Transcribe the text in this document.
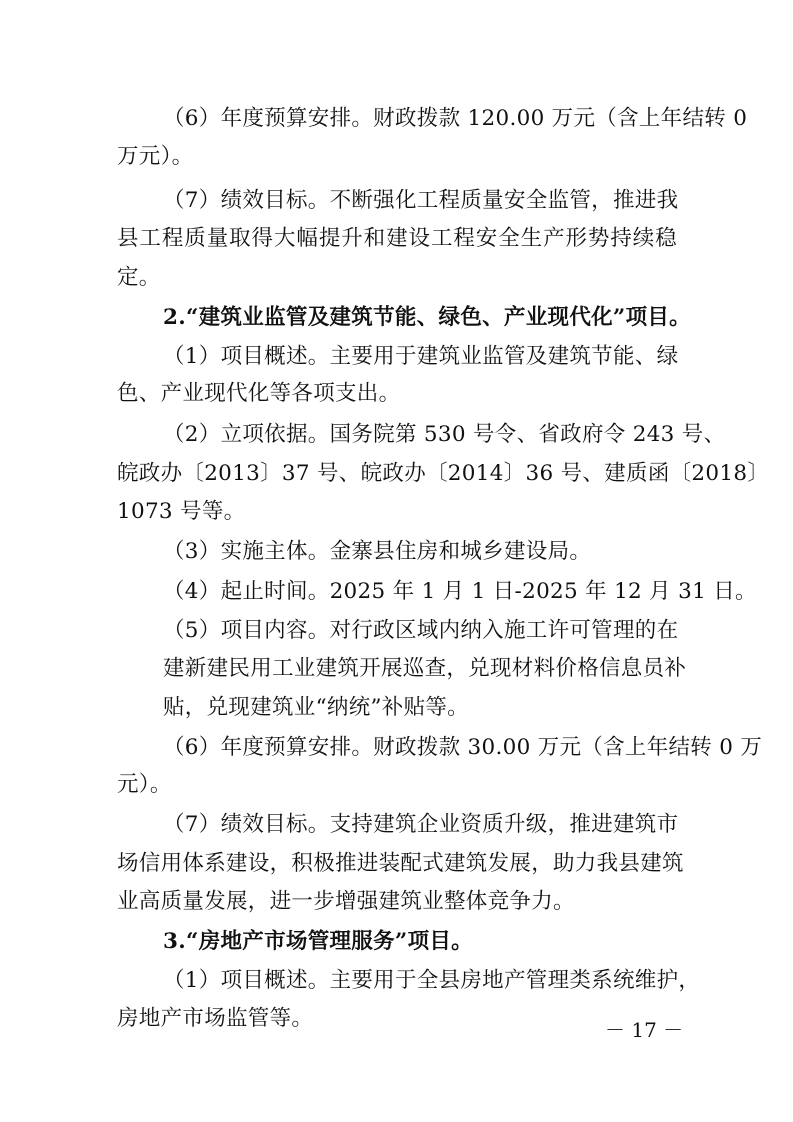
（6）年度预算安排。财政拨款 120.00 万元（含上年结转 0
万元）。
（7）绩效目标。不断强化工程质量安全监管，推进我
县工程质量取得大幅提升和建设工程安全生产形势持续稳
定。
2.“建筑业监管及建筑节能、绿色、产业现代化”项目。
（1）项目概述。主要用于建筑业监管及建筑节能、绿
色、产业现代化等各项支出。
（2）立项依据。国务院第 530 号令、省政府令 243 号、
皖政办〔2013〕37 号、皖政办〔2014〕36 号、建质函〔2018〕
1073 号等。
（3）实施主体。金寨县住房和城乡建设局。
（4）起止时间。2025 年 1 月 1 日-2025 年 12 月 31 日。
（5）项目内容。对行政区域内纳入施工许可管理的在
建新建民用工业建筑开展巡查，兑现材料价格信息员补
贴，兑现建筑业“纳统”补贴等。
（6）年度预算安排。财政拨款 30.00 万元（含上年结转 0 万
元）。
（7）绩效目标。支持建筑企业资质升级，推进建筑市
场信用体系建设，积极推进装配式建筑发展，助力我县建筑
业高质量发展，进一步增强建筑业整体竞争力。
3.“房地产市场管理服务”项目。
（1）项目概述。主要用于全县房地产管理类系统维护，
房地产市场监管等。	－ 17 －
